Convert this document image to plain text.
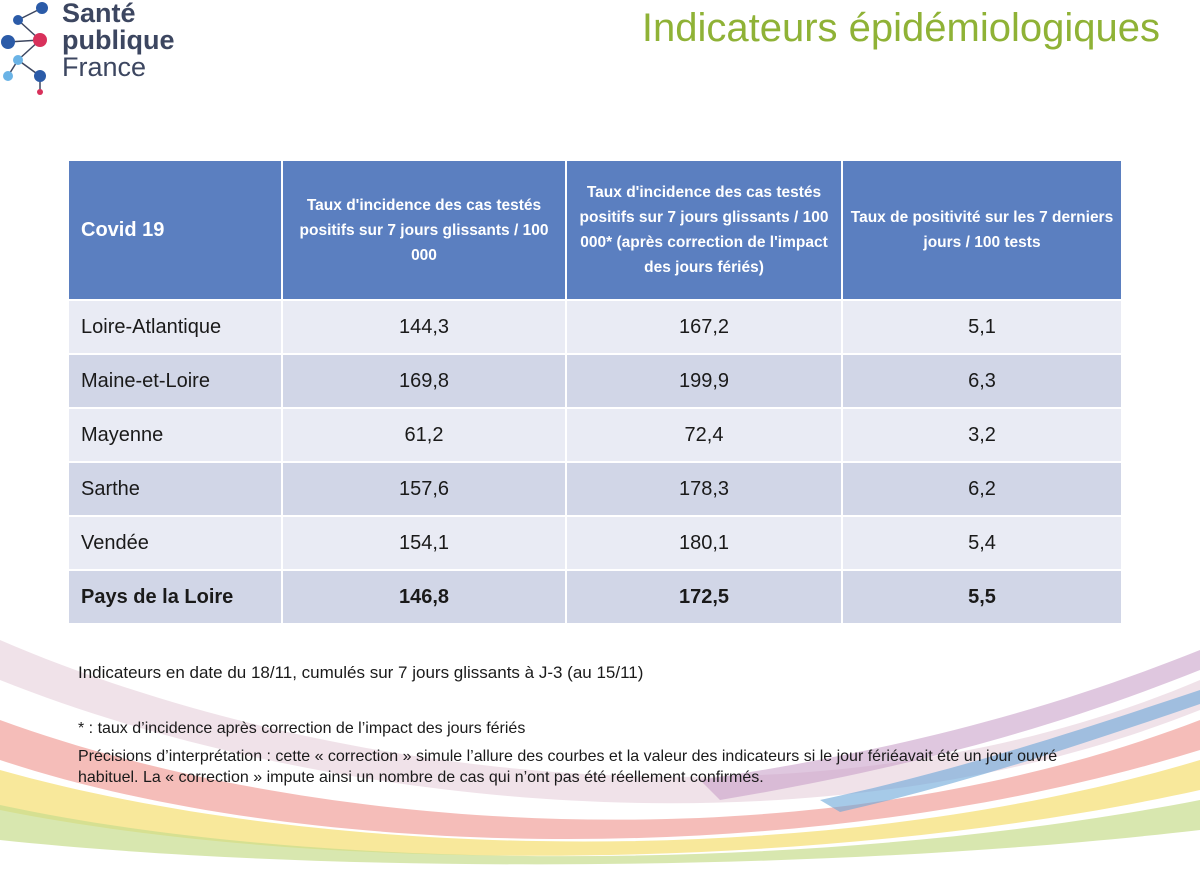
Santé
publique
France
Indicateurs épidémiologiques
Covid 19	Taux d'incidence des cas testés positifs sur 7 jours glissants / 100 000	Taux d'incidence des cas testés positifs sur 7 jours glissants / 100 000* (après correction de l'impact des jours fériés)	Taux de positivité sur les 7 derniers jours / 100 tests
Loire-Atlantique	144,3	167,2	5,1
Maine-et-Loire	169,8	199,9	6,3
Mayenne	61,2	72,4	3,2
Sarthe	157,6	178,3	6,2
Vendée	154,1	180,1	5,4
Pays de la Loire	146,8	172,5	5,5
Indicateurs en date du 18/11, cumulés sur 7 jours glissants à J-3 (au 15/11)
* : taux d’incidence après correction de l’impact des jours fériés
Précisions d’interprétation : cette « correction » simule l’allure des courbes et la valeur des indicateurs si le jour fériéavait été un jour ouvré habituel. La « correction » impute ainsi un nombre de cas qui n’ont pas été réellement confirmés.
